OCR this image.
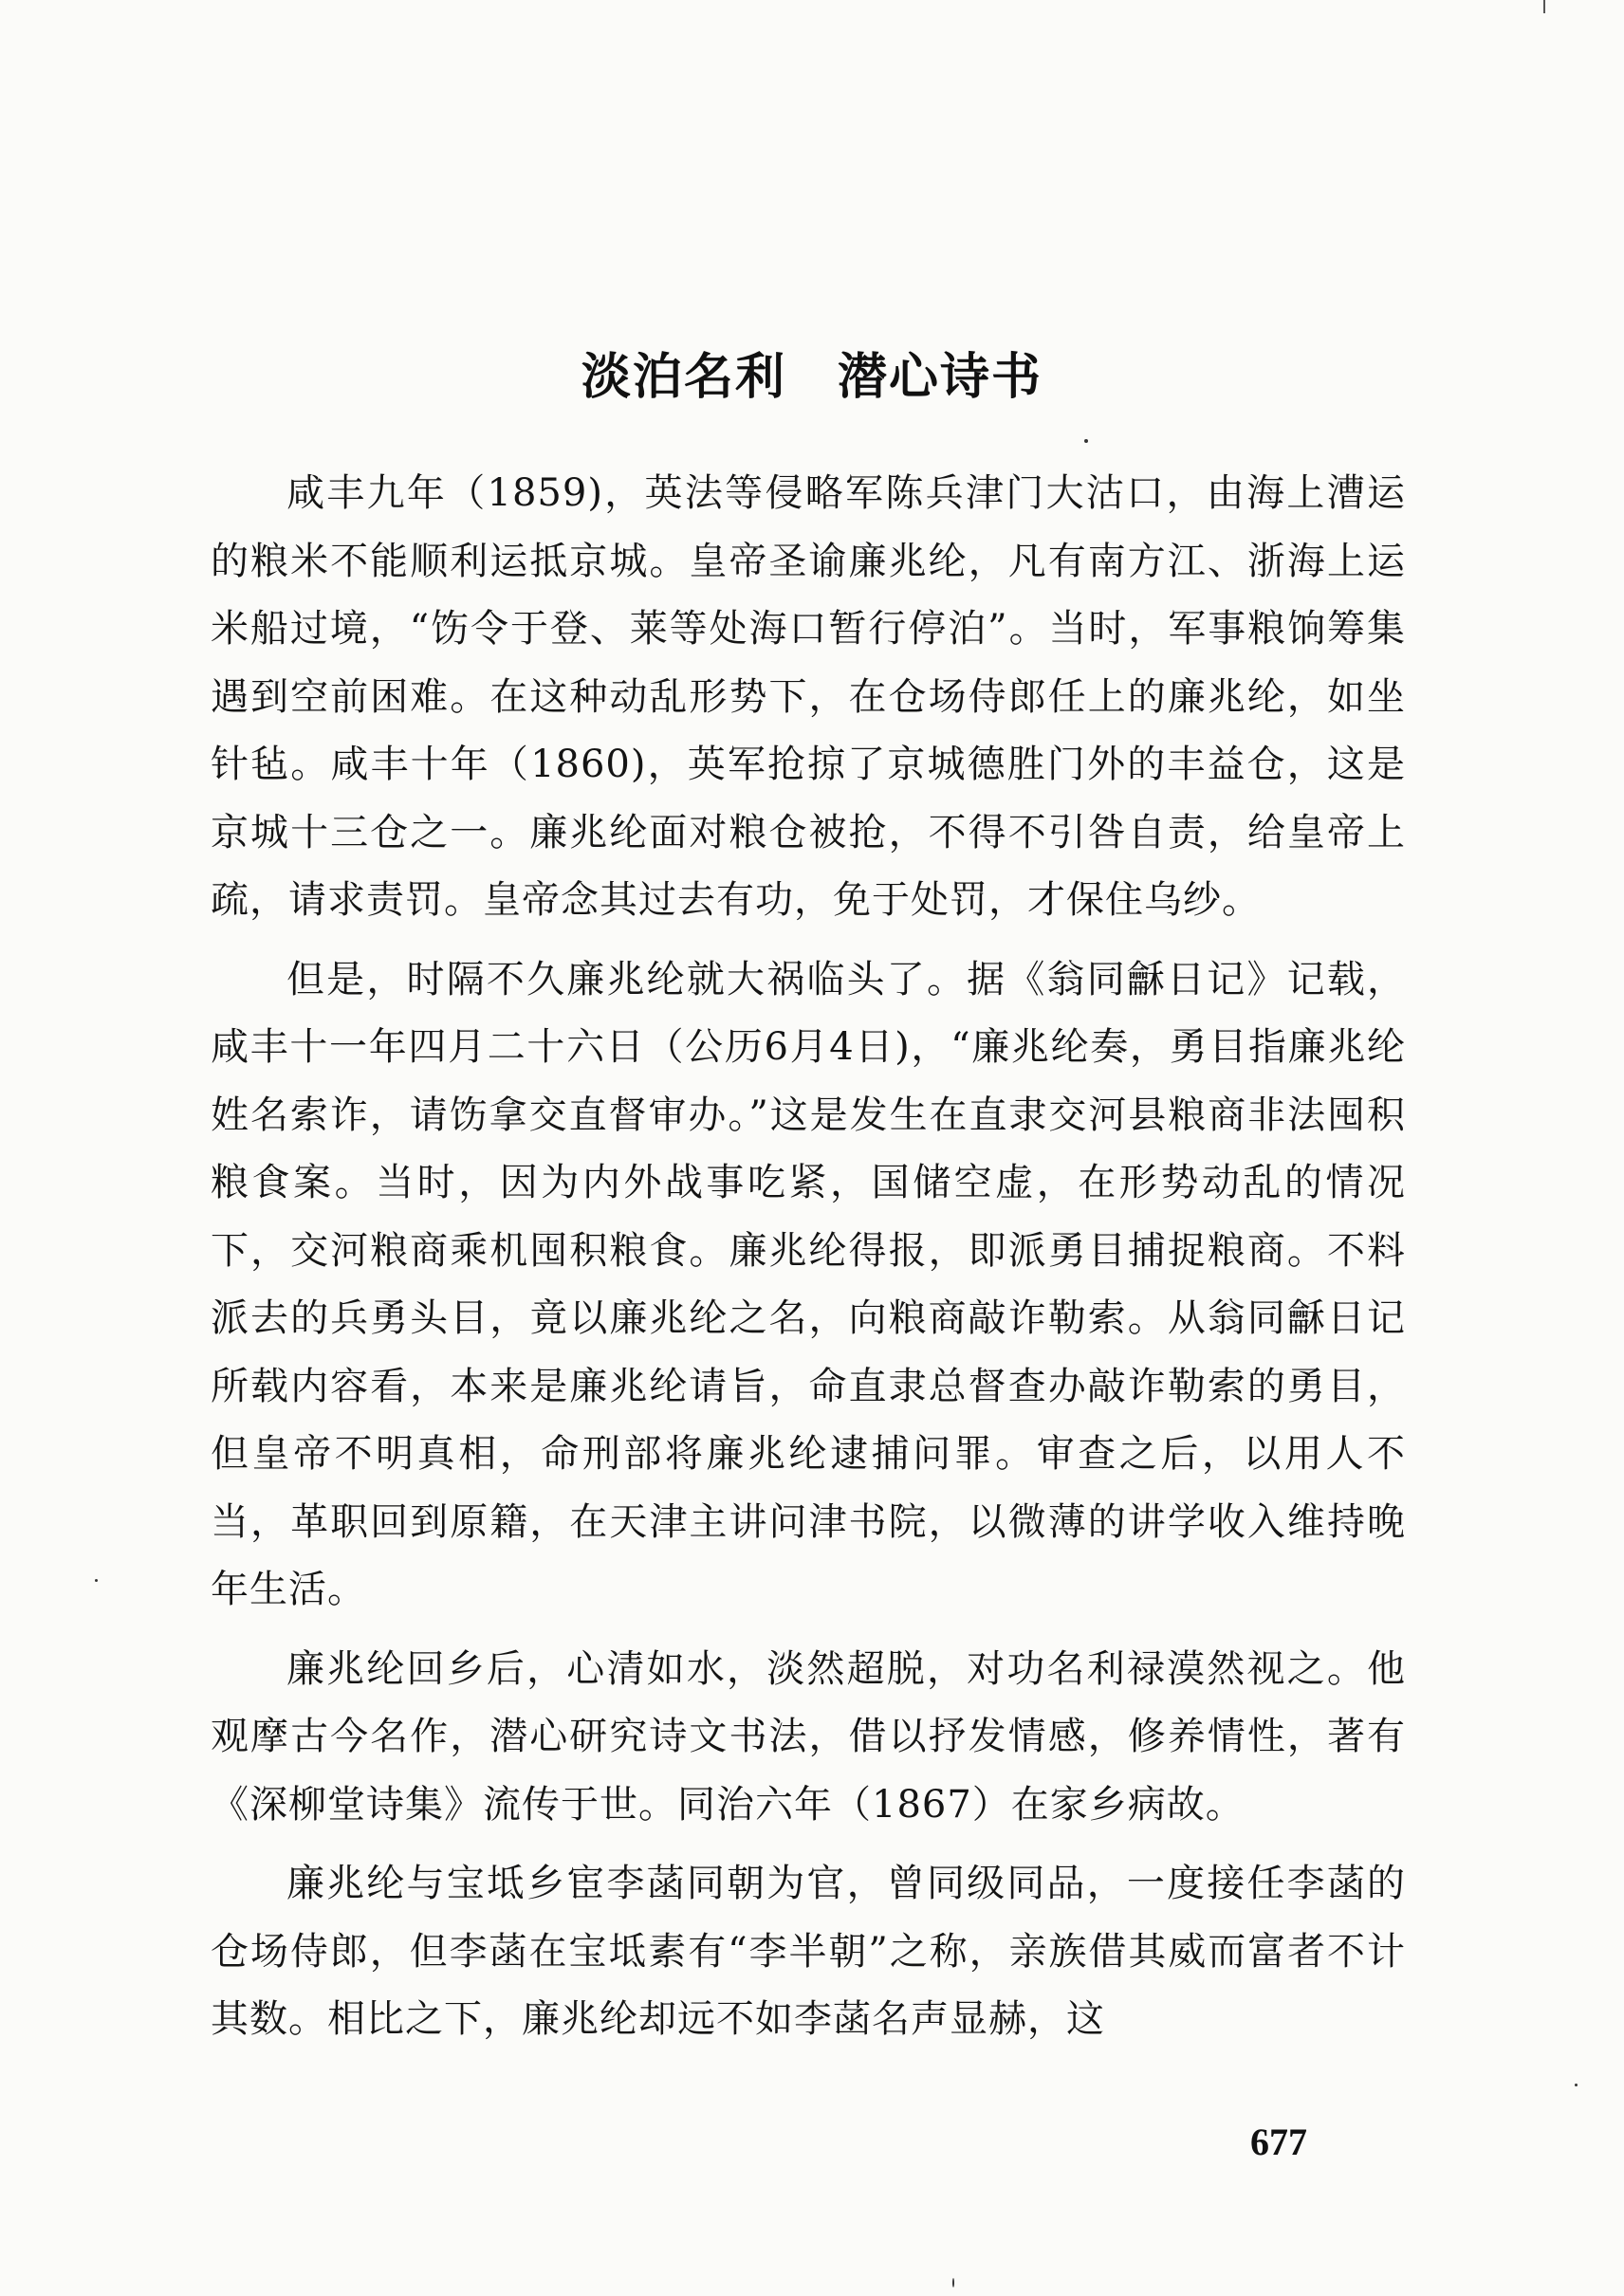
淡泊名利　潜心诗书

咸丰九年（1859)，英法等侵略军陈兵津门大沽口，由海上漕运的粮米不能顺利运抵京城。皇帝圣谕廉兆纶，凡有南方江、浙海上运米船过境，“饬令于登、莱等处海口暂行停泊”。当时，军事粮饷筹集遇到空前困难。在这种动乱形势下，在仓场侍郎任上的廉兆纶，如坐针毡。咸丰十年（1860)，英军抢掠了京城德胜门外的丰益仓，这是京城十三仓之一。廉兆纶面对粮仓被抢，不得不引咎自责，给皇帝上疏，请求责罚。皇帝念其过去有功，免于处罚，才保住乌纱。

但是，时隔不久廉兆纶就大祸临头了。据《翁同龢日记》记载，咸丰十一年四月二十六日（公历6月4日)，“廉兆纶奏，勇目指廉兆纶姓名索诈，请饬拿交直督审办。”这是发生在直隶交河县粮商非法囤积粮食案。当时，因为内外战事吃紧，国储空虚，在形势动乱的情况下，交河粮商乘机囤积粮食。廉兆纶得报，即派勇目捕捉粮商。不料派去的兵勇头目，竟以廉兆纶之名，向粮商敲诈勒索。从翁同龢日记所载内容看，本来是廉兆纶请旨，命直隶总督查办敲诈勒索的勇目，但皇帝不明真相，命刑部将廉兆纶逮捕问罪。审查之后，以用人不当，革职回到原籍，在天津主讲问津书院，以微薄的讲学收入维持晚年生活。

廉兆纶回乡后，心清如水，淡然超脱，对功名利禄漠然视之。他观摩古今名作，潜心研究诗文书法，借以抒发情感，修养情性，著有《深柳堂诗集》流传于世。同治六年（1867）在家乡病故。

廉兆纶与宝坻乡宦李菡同朝为官，曾同级同品，一度接任李菡的仓场侍郎，但李菡在宝坻素有“李半朝”之称，亲族借其威而富者不计其数。相比之下，廉兆纶却远不如李菡名声显赫，这

677
